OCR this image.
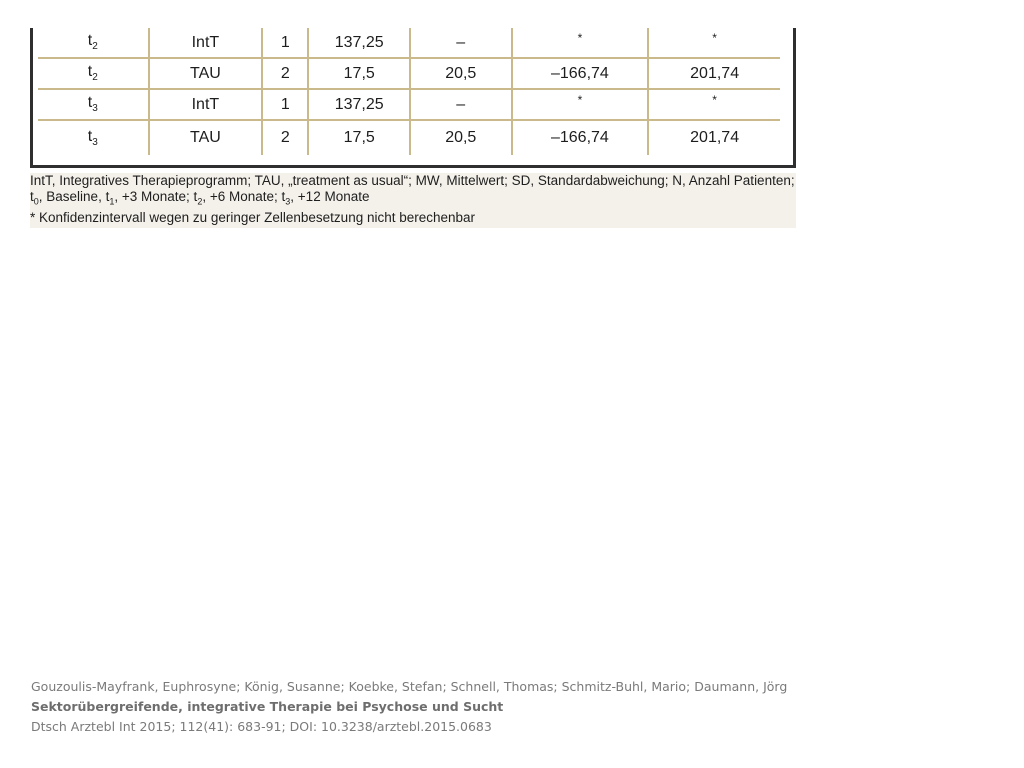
$t_2$	IntT	1	137,25	–	*	*
$t_2$	TAU	2	17,5	20,5	–166,74	201,74
$t_3$	IntT	1	137,25	–	*	*
$t_3$	TAU	2	17,5	20,5	–166,74	201,74
IntT, Integratives Therapieprogramm; TAU, „treatment as usual“; MW, Mittelwert; SD, Standardabweichung; N, Anzahl Patienten;
$t_0$, Baseline, $t_1$, +3 Monate; $t_2$, +6 Monate; $t_3$, +12 Monate
* Konfidenzintervall wegen zu geringer Zellenbesetzung nicht berechenbar
Gouzoulis-Mayfrank, Euphrosyne; König, Susanne; Koebke, Stefan; Schnell, Thomas; Schmitz-Buhl, Mario; Daumann, Jörg
Sektorübergreifende, integrative Therapie bei Psychose und Sucht
Dtsch Arztebl Int 2015; 112(41): 683-91; DOI: 10.3238/arztebl.2015.0683
